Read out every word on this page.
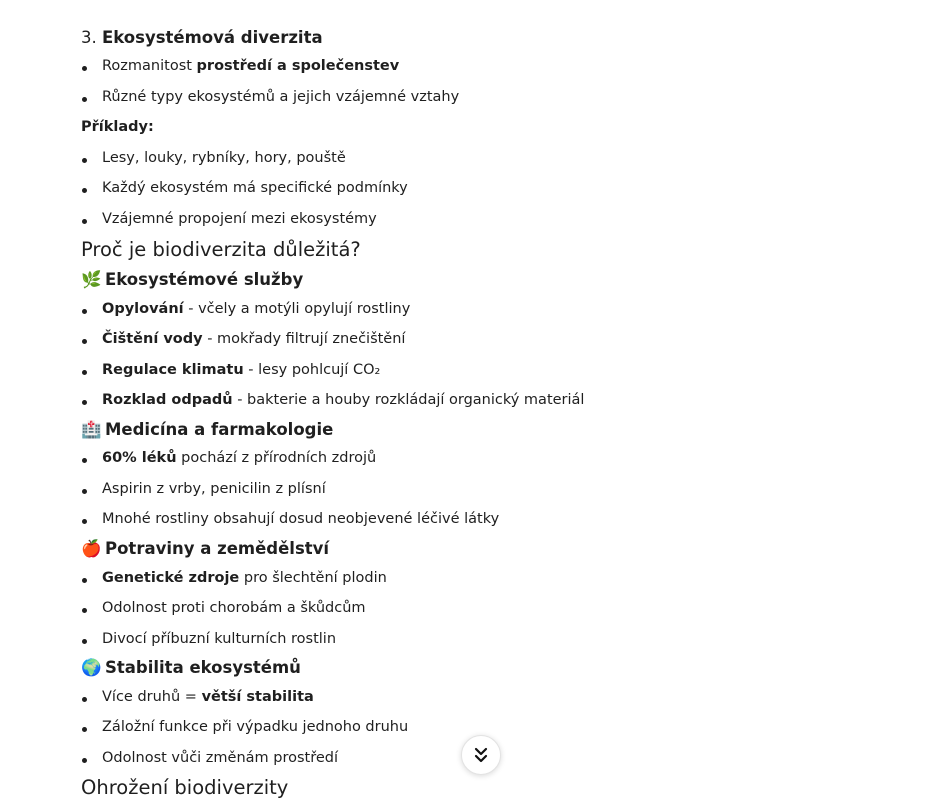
3. Ekosystémová diverzita
Rozmanitost prostředí a společenstev
Různé typy ekosystémů a jejich vzájemné vztahy
Příklady:
Lesy, louky, rybníky, hory, pouště
Každý ekosystém má specifické podmínky
Vzájemné propojení mezi ekosystémy
Proč je biodiverzita důležitá?
🌿 Ekosystémové služby
Opylování - včely a motýli opylují rostliny
Čištění vody - mokřady filtrují znečištění
Regulace klimatu - lesy pohlcují CO₂
Rozklad odpadů - bakterie a houby rozkládají organický materiál
🏥 Medicína a farmakologie
60% léků pochází z přírodních zdrojů
Aspirin z vrby, penicilin z plísní
Mnohé rostliny obsahují dosud neobjevené léčivé látky
🍎 Potraviny a zemědělství
Genetické zdroje pro šlechtění plodin
Odolnost proti chorobám a škůdcům
Divocí příbuzní kulturních rostlin
🌍 Stabilita ekosystémů
Více druhů = větší stabilita
Záložní funkce při výpadku jednoho druhu
Odolnost vůči změnám prostředí
Ohrožení biodiverzity
